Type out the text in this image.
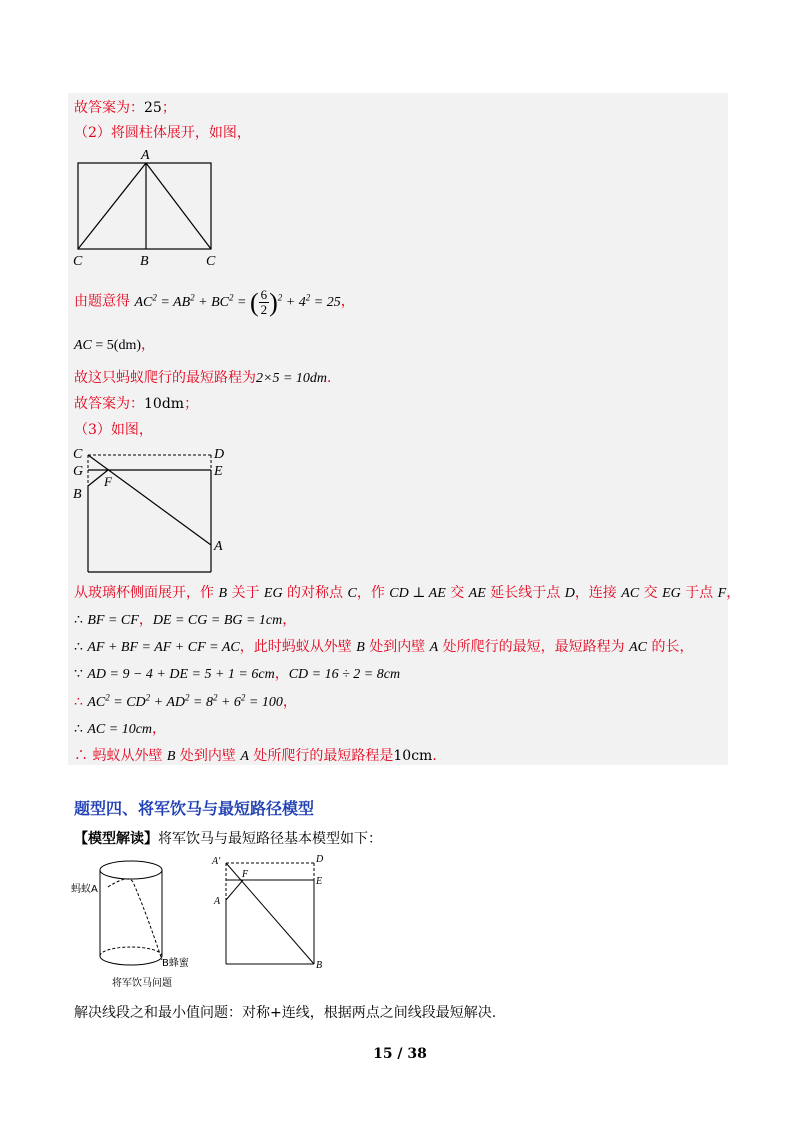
故答案为：25；
（2）将圆柱体展开，如图，
A
C	B	C
由题意得 $AC^2 = AB^2 + BC^2$ = ( $\frac{6}{2} )^2 + 4^2 = 25$，
AC = 5(dm)，
故这只蚂蚁爬行的最短路程为2×5 = 10dm．
故答案为：10dm；
（3）如图，
C	D
G	E
B
F
A
从玻璃杯侧面展开，作 B 关于 EG 的对称点 C，作 CD ⊥ AE 交 AE 延长线于点 D，连接 AC 交 EG 于点 F，
∴ BF = CF，DE = CG = BG = 1cm，
∴ AF + BF = AF + CF = AC，此时蚂蚁从外壁 B 处到内壁 A 处所爬行的最短，最短路程为 AC 的长，
∵ AD = 9 − 4 + DE = 5 + 1 = 6cm，CD = 16 ÷ 2 = 8cm
∴ $AC^2 = CD^2 + AD^2 = 8^2 + 6^2 = 100$，
∴ AC = 10cm，
∴ 蚂蚁从外壁 B 处到内壁 A 处所爬行的最短路程是10cm．
题型四、将军饮马与最短路径模型
【模型解读】将军饮马与最短路径基本模型如下：
蚂蚁A
B蜂蜜
将军饮马问题
A'	D
F
E
A
B
解决线段之和最小值问题：对称+连线，根据两点之间线段最短解决.
15 / 38
